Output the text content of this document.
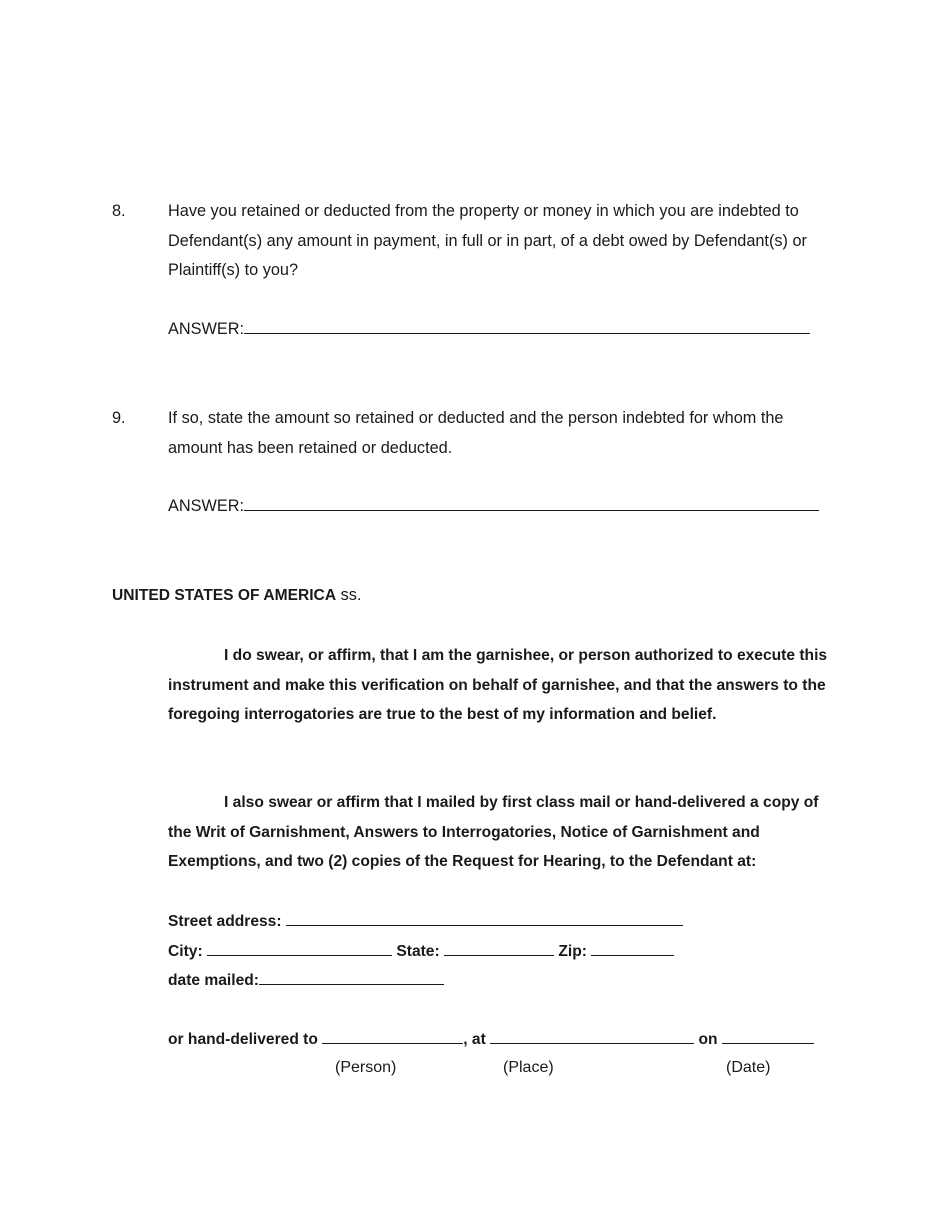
8.	Have you retained or deducted from the property or money in which you are indebted to Defendant(s) any amount in payment, in full or in part, of a debt owed by Defendant(s) or Plaintiff(s) to you?
ANSWER:
9.	If so, state the amount so retained or deducted and the person indebted for whom the amount has been retained or deducted.
ANSWER:
UNITED STATES OF AMERICA ss.
I do swear, or affirm, that I am the garnishee, or person authorized to execute this instrument and make this verification on behalf of garnishee, and that the answers to the foregoing interrogatories are true to the best of my information and belief.
I also swear or affirm that I mailed by first class mail or hand-delivered a copy of the Writ of Garnishment, Answers to Interrogatories, Notice of Garnishment and Exemptions, and two (2) copies of the Request for Hearing, to the Defendant at:
Street address:
City:	State:	Zip:
date mailed:
or hand-delivered to	, at	on
(Person)	(Place)	(Date)
